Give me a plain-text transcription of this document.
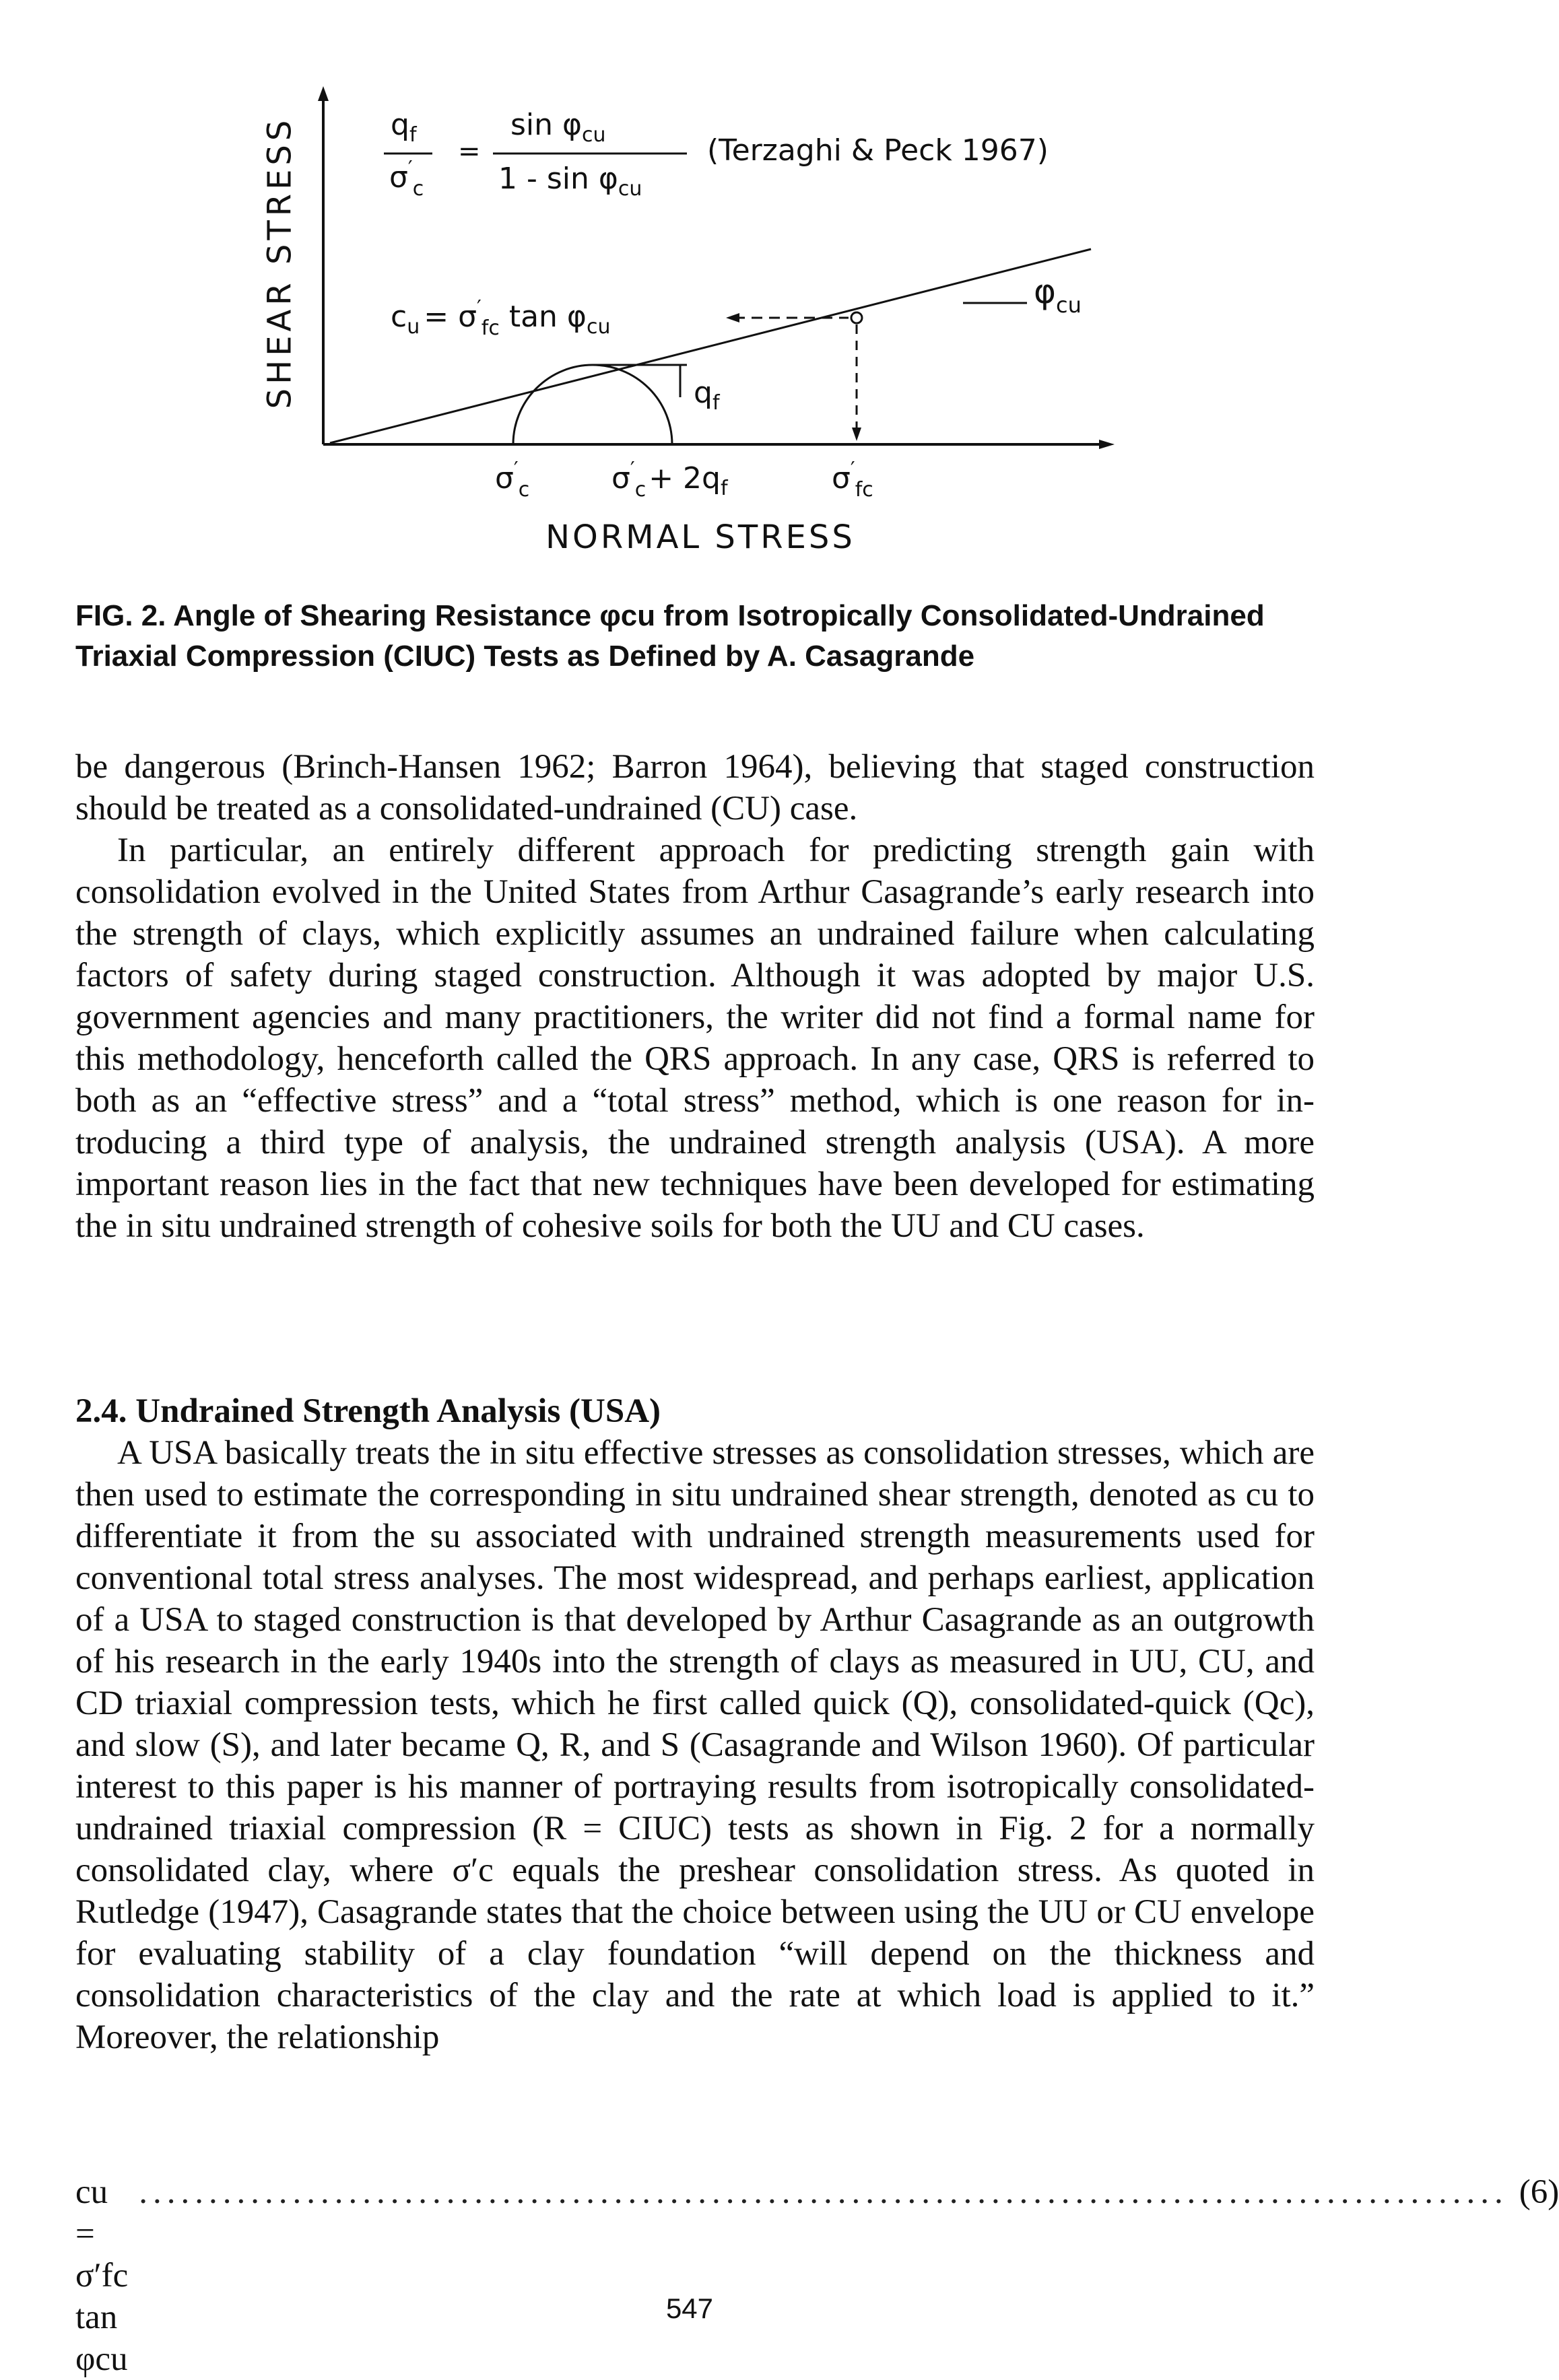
SHEAR STRESS	$q_f$
$\sigma'_c$
=
$\sin \varphi_{cu}$
$1 - \sin \varphi_{cu}$
(Terzaghi & Peck 1967)
$c_u = \sigma'_{fc}$ $\tan \varphi_{cu}$
$\varphi_{cu}$
$q_f$
$\sigma'_c$	$\sigma'_c+ 2q_f$	$\sigma'_{fc}$
NORMAL STRESS
FIG. 2. Angle of Shearing Resistance φcu from Isotropically Consolidated-Undrained Triaxial Compression (CIUC) Tests as Defined by A. Casagrande

be dangerous (Brinch-Hansen 1962; Barron 1964), believing that staged construction should be treated as a consolidated-undrained (CU) case.

In particular, an entirely different approach for predicting strength gain with consolidation evolved in the United States from Arthur Casagrande’s early research into the strength of clays, which explicitly assumes an undrained failure when calculating factors of safety during staged construction. Although it was adopted by major U.S. government agencies and many practitioners, the writer did not find a formal name for this methodology, henceforth called the QRS approach. In any case, QRS is referred to both as an “effective stress” and a “total stress” method, which is one reason for introducing a third type of analysis, the undrained strength analysis (USA). A more important reason lies in the fact that new techniques have been developed for estimating the in situ undrained strength of cohesive soils for both the UU and CU cases.

2.4. Undrained Strength Analysis (USA)

A USA basically treats the in situ effective stresses as consolidation stresses, which are then used to estimate the corresponding in situ undrained shear strength, denoted as cu to differentiate it from the su associated with undrained strength measurements used for conventional total stress analyses. The most widespread, and perhaps earliest, application of a USA to staged construction is that developed by Arthur Casagrande as an outgrowth of his research in the early 1940s into the strength of clays as measured in UU, CU, and CD triaxial compression tests, which he first called quick (Q), consolidated-quick (Qc), and slow (S), and later became Q, R, and S (Casagrande and Wilson 1960). Of particular interest to this paper is his manner of portraying results from isotropically consolidated-undrained triaxial compression (R = CIUC) tests as shown in Fig. 2 for a normally consolidated clay, where σ′c equals the preshear consolidation stress. As quoted in Rutledge (1947), Casagrande states that the choice between using the UU or CU envelope for evaluating stability of a clay foundation “will depend on the thickness and consolidation characteristics of the clay and the rate at which load is applied to it.” Moreover, the relationship

cu = σ′fc tan φcu
.................................................................................................. (6)
547
